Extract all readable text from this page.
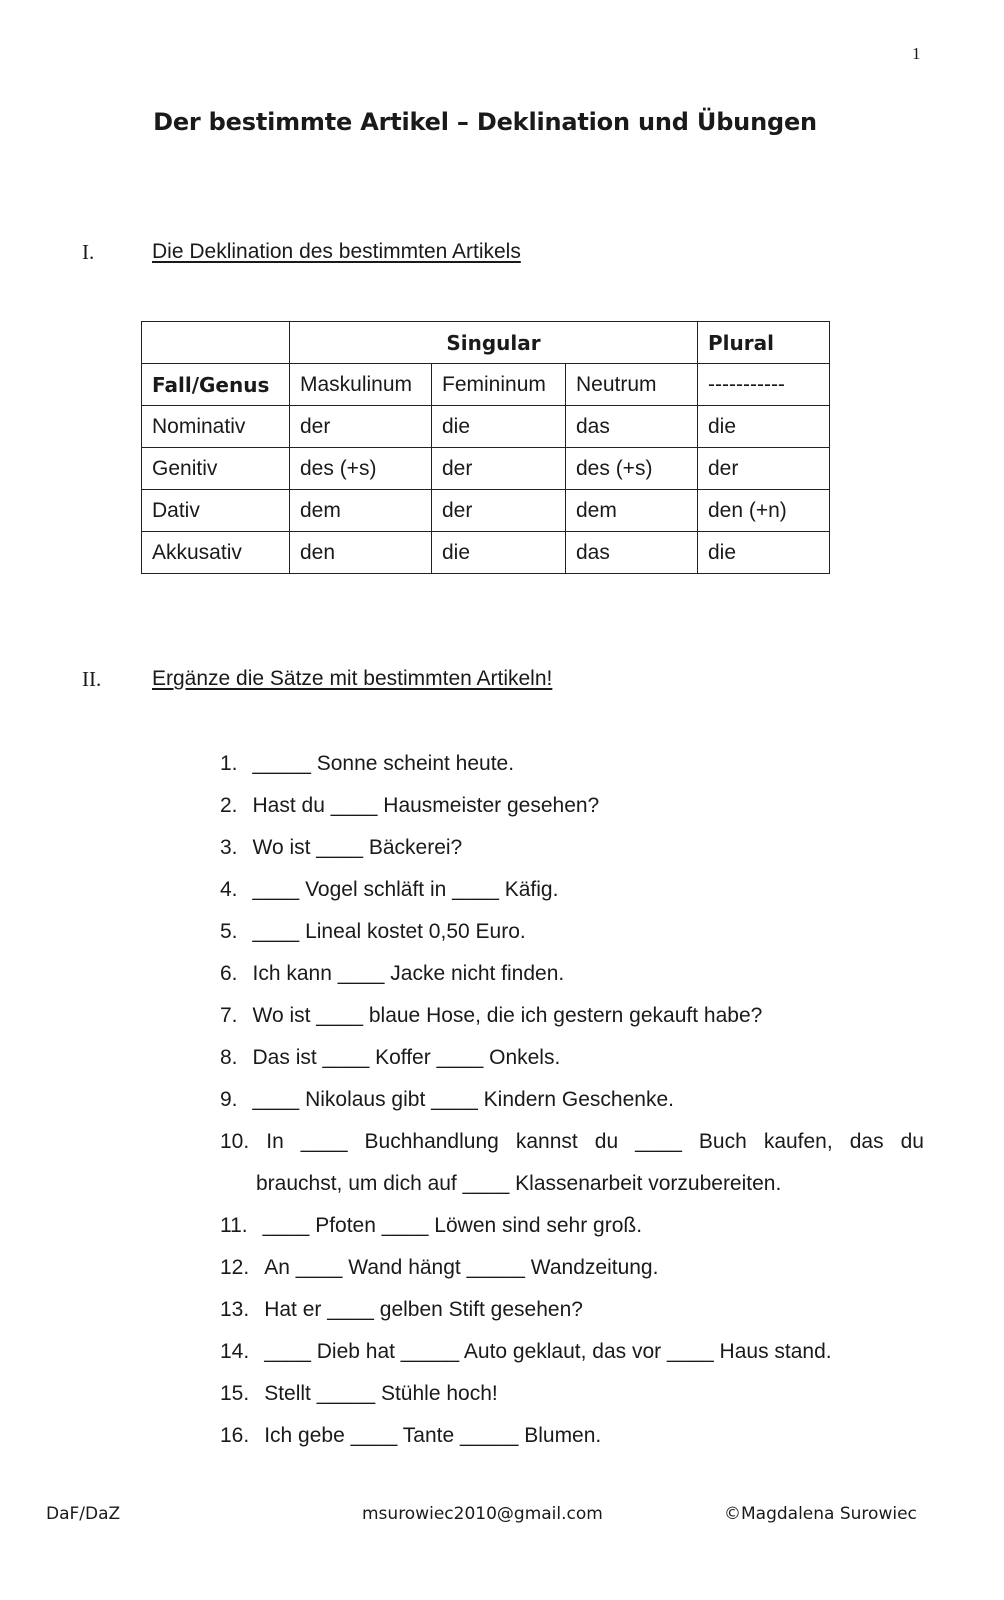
1
Der bestimmte Artikel – Deklination und Übungen
I.	Die Deklination des bestimmten Artikels
	Singular			Plural
Fall/Genus	Maskulinum	Femininum	Neutrum	-----------
Nominativ	der	die	das	die
Genitiv	des (+s)	der	des (+s)	der
Dativ	dem	der	dem	den (+n)
Akkusativ	den	die	das	die
II. Ergänze die Sätze mit bestimmten Artikeln!
1. _____ Sonne scheint heute.
2. Hast du ____ Hausmeister gesehen?
3. Wo ist ____ Bäckerei?
4. ____ Vogel schläft in ____ Käfig.
5. ____ Lineal kostet 0,50 Euro.
6. Ich kann ____ Jacke nicht finden.
7. Wo ist ____ blaue Hose, die ich gestern gekauft habe?
8. Das ist ____ Koffer ____ Onkels.
9. ____ Nikolaus gibt ____ Kindern Geschenke.
10. In ____ Buchhandlung kannst du ____ Buch kaufen, das du
brauchst, um dich auf ____ Klassenarbeit vorzubereiten.
11. ____ Pfoten ____ Löwen sind sehr groß.
12. An ____ Wand hängt _____ Wandzeitung.
13. Hat er ____ gelben Stift gesehen?
14. ____ Dieb hat _____ Auto geklaut, das vor ____ Haus stand.
15. Stellt _____ Stühle hoch!
16. Ich gebe ____ Tante _____ Blumen.
DaF/DaZ	msurowiec2010@gmail.com	©Magdalena Surowiec
